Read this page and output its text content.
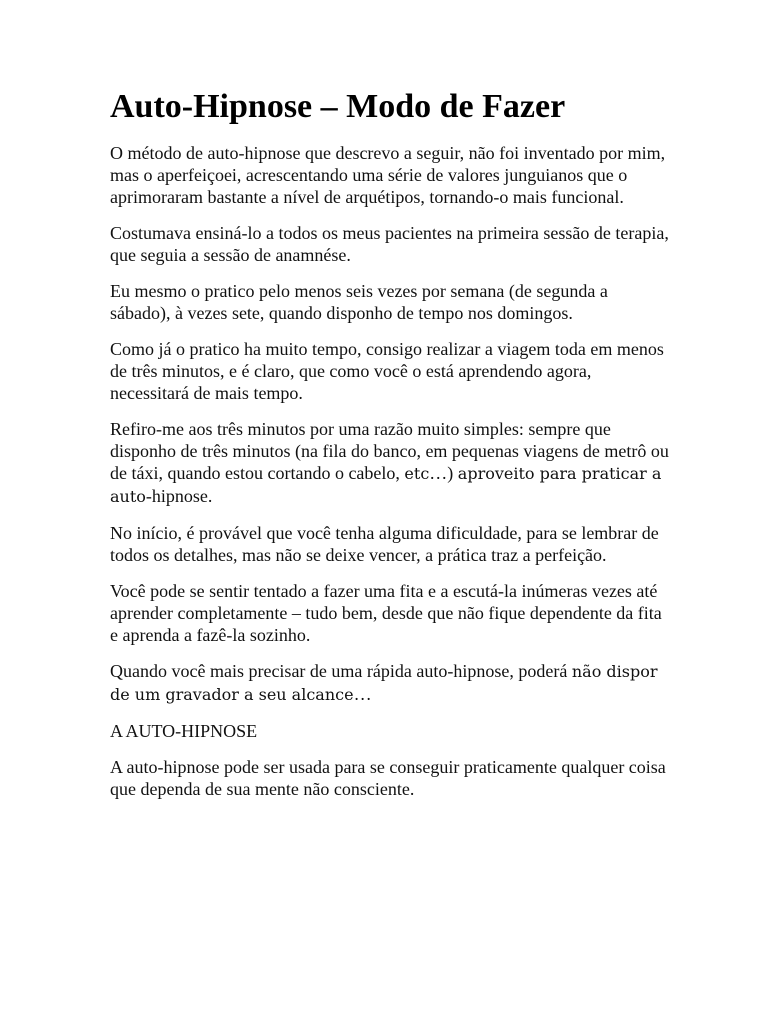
Auto-Hipnose – Modo de Fazer

O método de auto-hipnose que descrevo a seguir, não foi inventado por mim, mas o aperfeiçoei, acrescentando uma série de valores junguianos que o aprimoraram bastante a nível de arquétipos, tornando-o mais funcional.

Costumava ensiná-lo a todos os meus pacientes na primeira sessão de terapia, que seguia a sessão de anamnése.

Eu mesmo o pratico pelo menos seis vezes por semana (de segunda a sábado), à vezes sete, quando disponho de tempo nos domingos.

Como já o pratico ha muito tempo, consigo realizar a viagem toda em menos de três minutos, e é claro, que como você o está aprendendo agora, necessitará de mais tempo.

Refiro-me aos três minutos por uma razão muito simples: sempre que disponho de três minutos (na fila do banco, em pequenas viagens de metrô ou de táxi, quando estou cortando o cabelo, etc…) aproveito para praticar a auto-hipnose.

No início, é provável que você tenha alguma dificuldade, para se lembrar de todos os detalhes, mas não se deixe vencer, a prática traz a perfeição.

Você pode se sentir tentado a fazer uma fita e a escutá-la inúmeras vezes até aprender completamente – tudo bem, desde que não fique dependente da fita e aprenda a fazê-la sozinho.

Quando você mais precisar de uma rápida auto-hipnose, poderá não dispor de um gravador a seu alcance…

A AUTO-HIPNOSE

A auto-hipnose pode ser usada para se conseguir praticamente qualquer coisa que dependa de sua mente não consciente.
